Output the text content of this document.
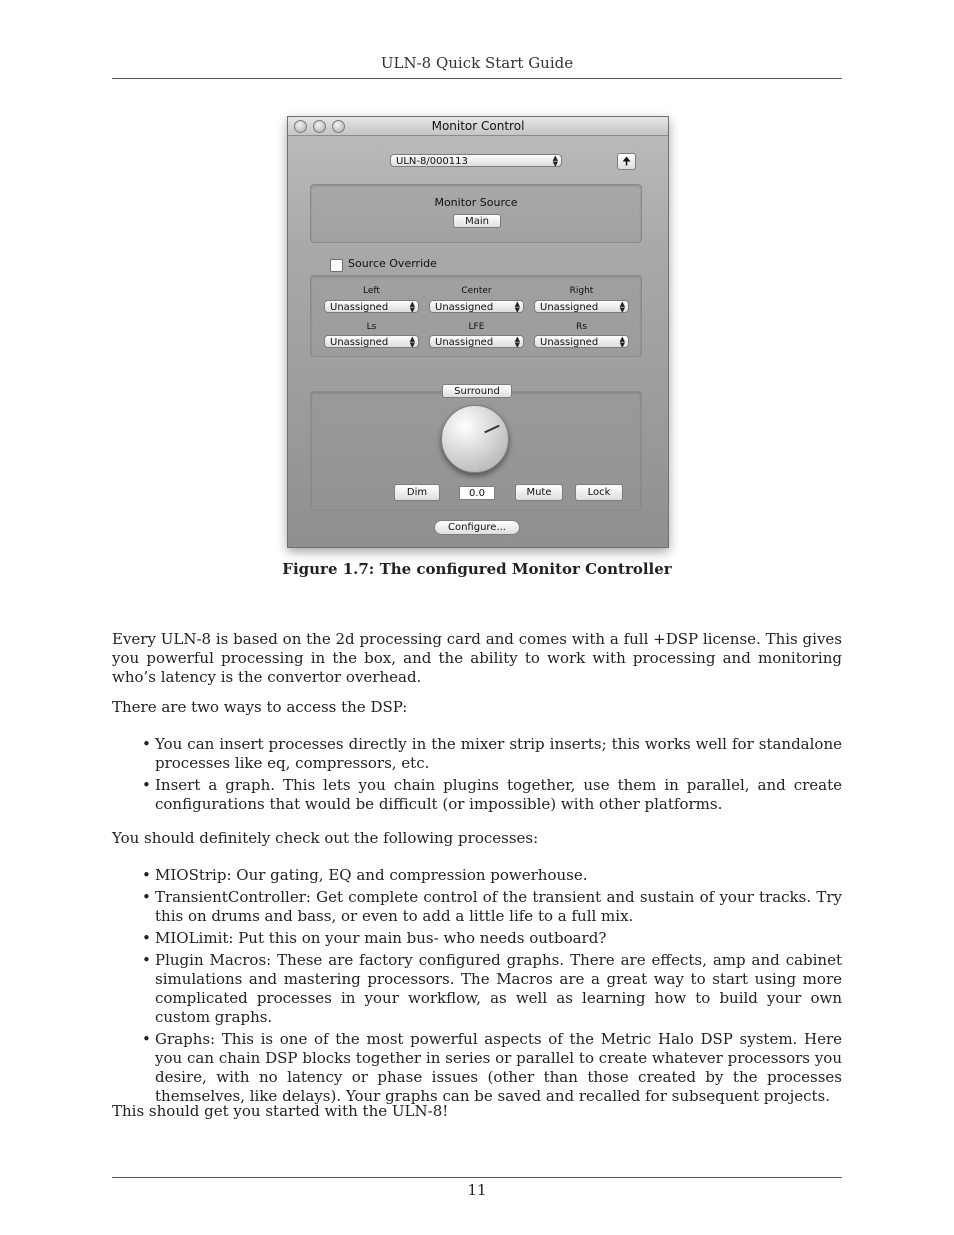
ULN-8 Quick Start Guide
Monitor Control
ULN-8/000113	▲
▼	🠉
Monitor Source
Main
Source Override
Left
Unassigned	▲
▼
Center
Unassigned	▲
▼
Right
Unassigned	▲
▼
Ls
Unassigned	▲
▼
LFE
Unassigned	▲
▼
Rs
Unassigned	▲
▼
Surround
Dim	0.0	Mute	Lock
Configure...
Figure 1.7: The configured Monitor Controller
Every ULN-8 is based on the 2d processing card and comes with a full +DSP license. This gives you powerful processing in the box, and the ability to work with processing and monitoring who’s latency is the convertor overhead.
There are two ways to access the DSP:
• You can insert processes directly in the mixer strip inserts; this works well for standalone processes like eq, compressors, etc.
• Insert a graph. This lets you chain plugins together, use them in parallel, and create configurations that would be difficult (or impossible) with other platforms.
You should definitely check out the following processes:
• MIOStrip: Our gating, EQ and compression powerhouse.
• TransientController: Get complete control of the transient and sustain of your tracks. Try this on drums and bass, or even to add a little life to a full mix.
• MIOLimit: Put this on your main bus- who needs outboard?
• Plugin Macros: These are factory configured graphs. There are effects, amp and cabinet simulations and mastering processors. The Macros are a great way to start using more complicated processes in your workflow, as well as learning how to build your own custom graphs.
• Graphs: This is one of the most powerful aspects of the Metric Halo DSP system. Here you can chain DSP blocks together in series or parallel to create whatever processors you desire, with no latency or phase issues (other than those created by the processes themselves, like delays). Your graphs can be saved and recalled for subsequent projects.
This should get you started with the ULN-8!
11
